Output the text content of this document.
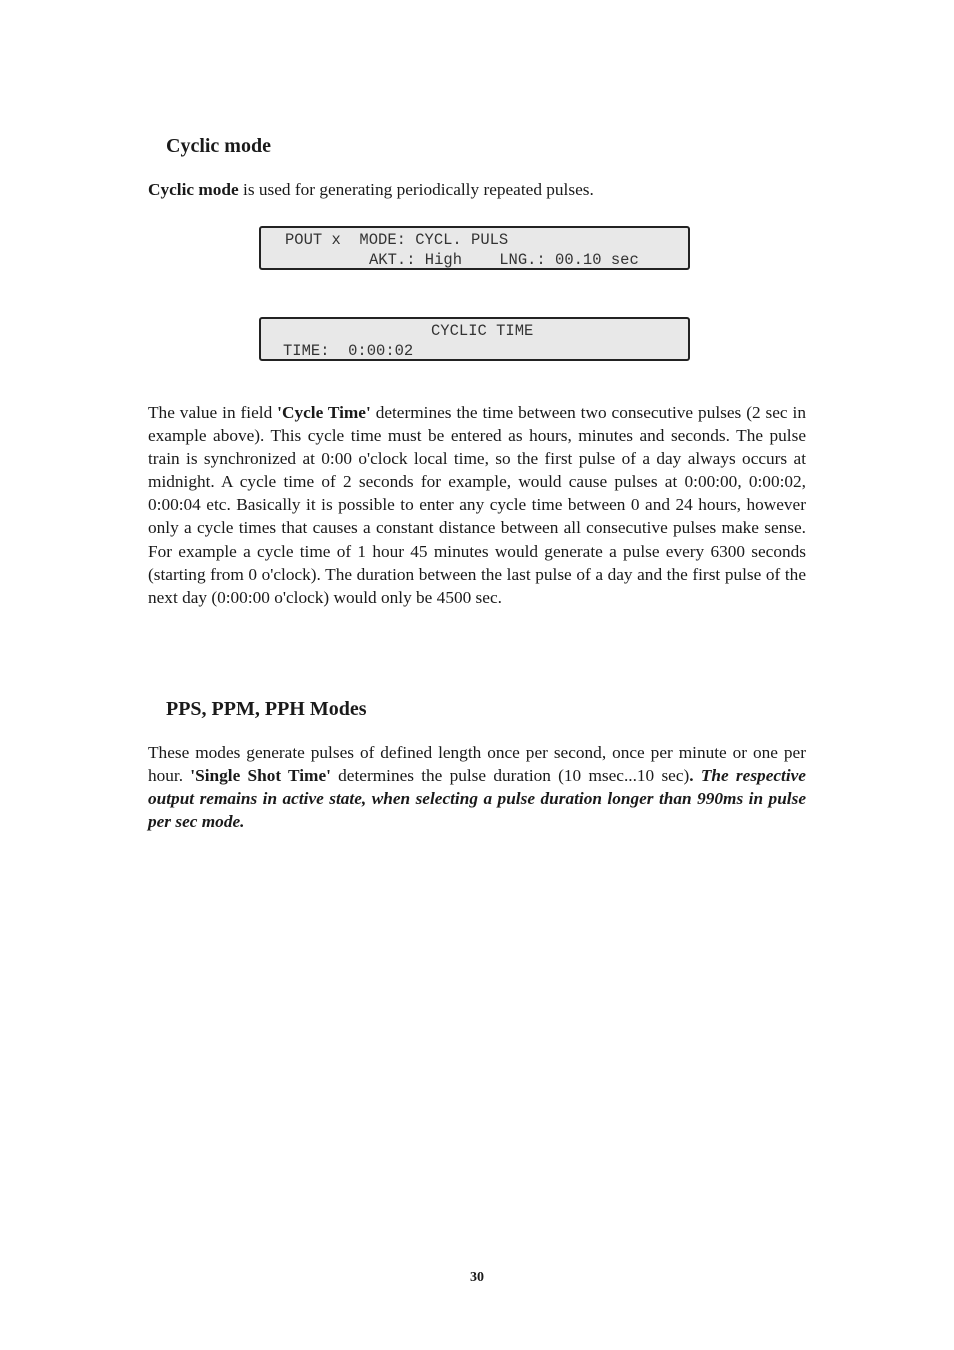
Cyclic mode
Cyclic mode is used for generating periodically repeated pulses.
POUT x  MODE: CYCL. PULS
AKT.: High    LNG.: 00.10 sec
CYCLIC TIME
TIME:  0:00:02
The value in field 'Cycle Time' determines the time between two consecutive pulses (2 sec in example above). This cycle time must be entered as hours, minutes and seconds. The pulse train is synchronized at 0:00 o'clock local time, so the first pulse of a day always occurs at midnight. A cycle time of 2 seconds for example, would cause pulses at 0:00:00, 0:00:02, 0:00:04 etc. Basically it is possible to enter any cycle time between 0 and 24 hours, however only a cycle times that causes a constant distance between all consecutive pulses make sense. For example a cycle time of 1 hour 45 minutes would generate a pulse every 6300 seconds (starting from 0 o'clock). The duration between the last pulse of a day and the first pulse of the next day (0:00:00 o'clock) would only be 4500 sec.
PPS, PPM, PPH Modes
These modes generate pulses of defined length once per second, once per minute or one per hour. 'Single Shot Time' determines the pulse duration (10 msec...10 sec). The respective output remains in active state, when selecting a pulse duration longer than 990ms in pulse per sec mode.
30
